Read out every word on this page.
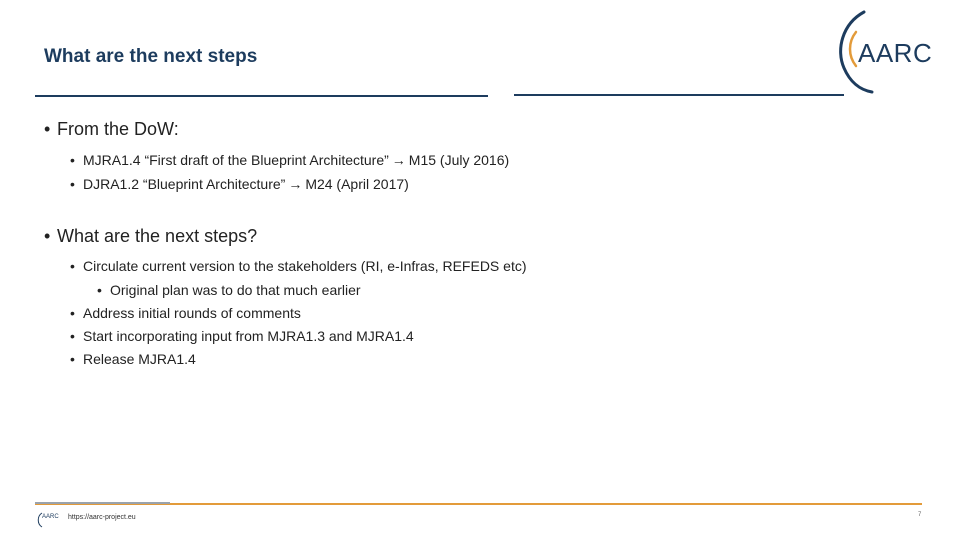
What are the next steps	AARC
• From the DoW:
• MJRA1.4 “First draft of the Blueprint Architecture” → M15 (July 2016)
• DJRA1.2 “Blueprint Architecture” → M24 (April 2017)
• What are the next steps?
• Circulate current version to the stakeholders (RI, e-Infras, REFEDS etc)
• Original plan was to do that much earlier
• Address initial rounds of comments
• Start incorporating input from MJRA1.3 and MJRA1.4
• Release MJRA1.4
AARC https://aarc-project.eu	7
